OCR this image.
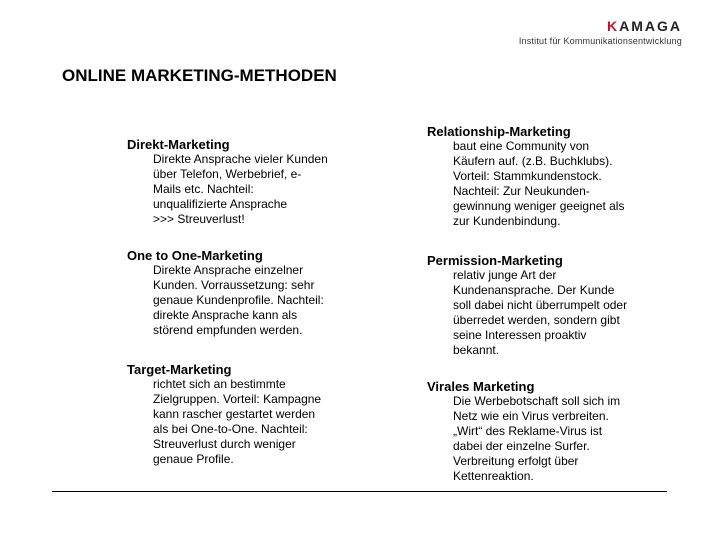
KAMAGA
Institut für Kommunikationsentwicklung
ONLINE MARKETING-METHODEN
Direkt-Marketing
Direkte Ansprache vieler Kunden
über Telefon, Werbebrief, e-
Mails etc. Nachteil:
unqualifizierte Ansprache
>>> Streuverlust!
One to One-Marketing
Direkte Ansprache einzelner
Kunden. Vorraussetzung: sehr
genaue Kundenprofile. Nachteil:
direkte Ansprache kann als
störend empfunden werden.
Target-Marketing
richtet sich an bestimmte
Zielgruppen. Vorteil: Kampagne
kann rascher gestartet werden
als bei One-to-One. Nachteil:
Streuverlust durch weniger
genaue Profile.
Relationship-Marketing
baut eine Community von
Käufern auf. (z.B. Buchklubs).
Vorteil: Stammkundenstock.
Nachteil: Zur Neukunden-
gewinnung weniger geeignet als
zur Kundenbindung.
Permission-Marketing
relativ junge Art der
Kundenansprache. Der Kunde
soll dabei nicht überrumpelt oder
überredet werden, sondern gibt
seine Interessen proaktiv
bekannt.
Virales Marketing
Die Werbebotschaft soll sich im
Netz wie ein Virus verbreiten.
„Wirt“ des Reklame-Virus ist
dabei der einzelne Surfer.
Verbreitung erfolgt über
Kettenreaktion.
